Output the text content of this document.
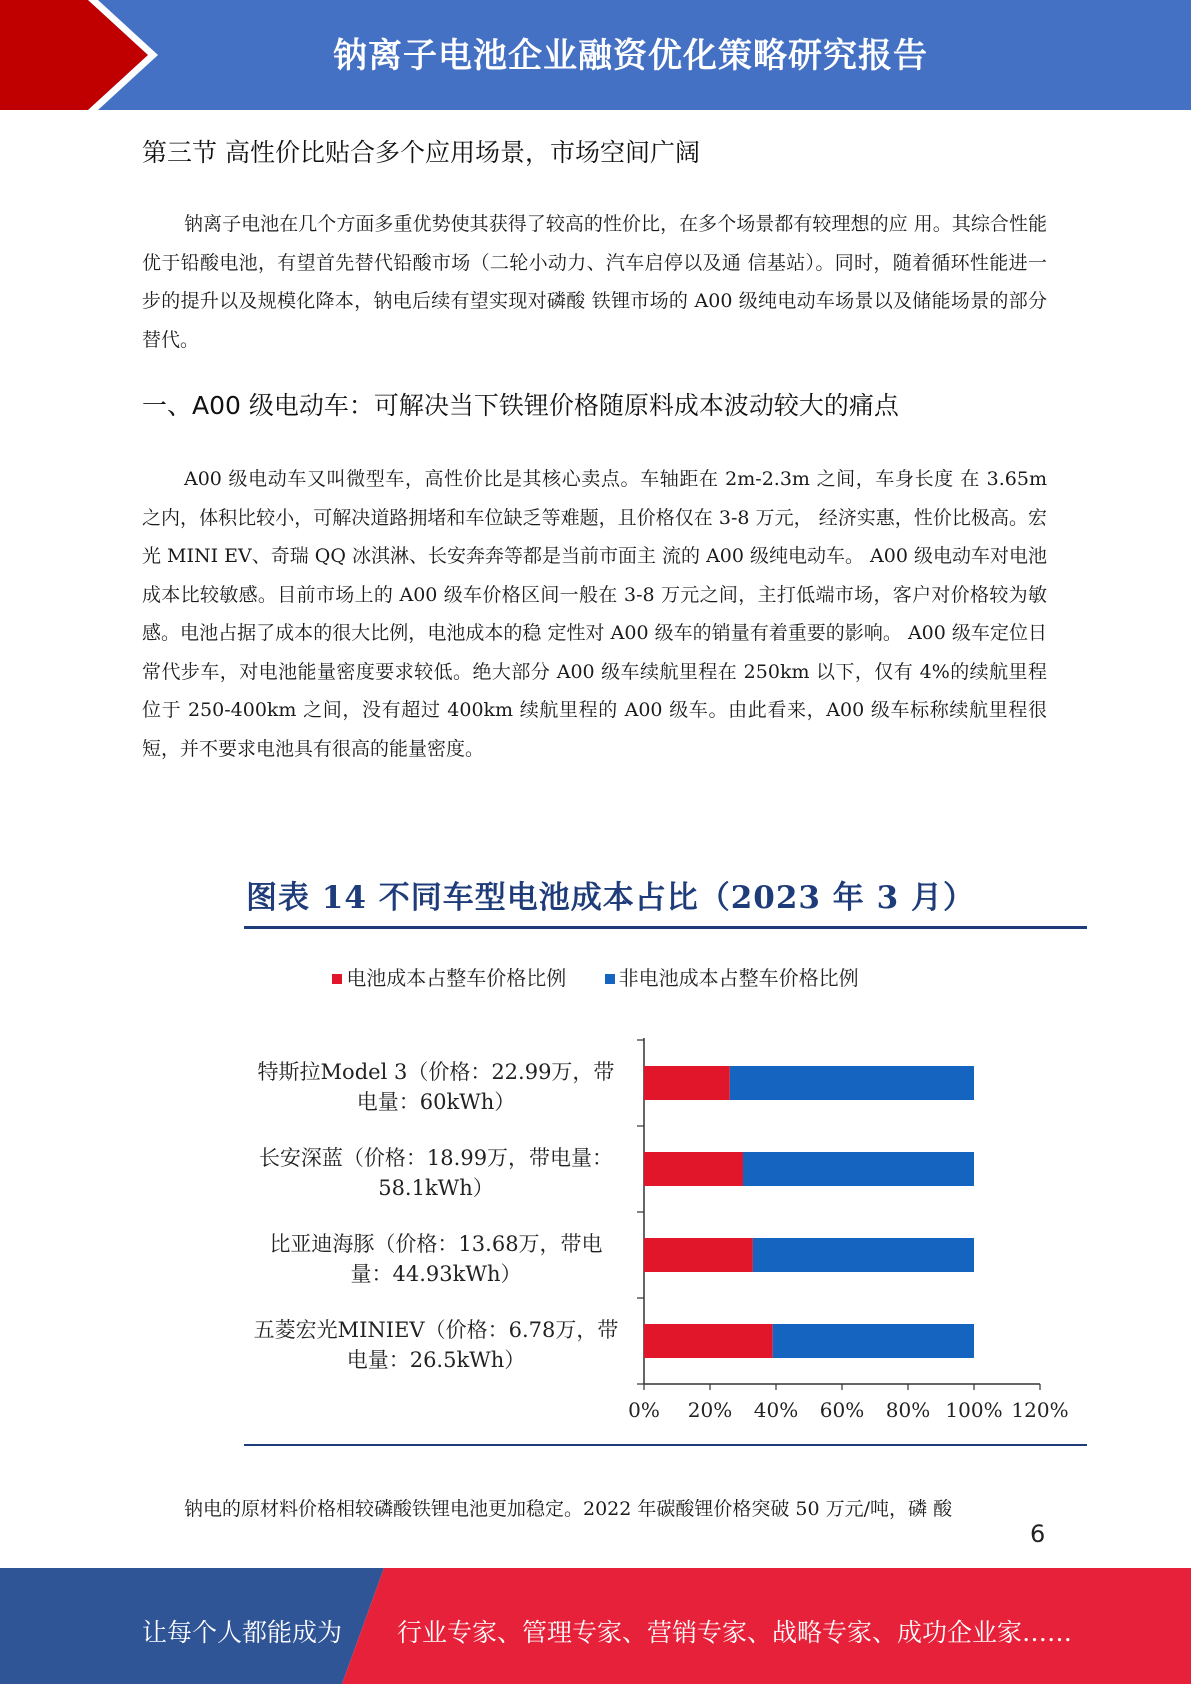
钠离子电池企业融资优化策略研究报告
第三节 高性价比贴合多个应用场景，市场空间广阔
钠离子电池在几个方面多重优势使其获得了较高的性价比，在多个场景都有较理想的应 用。其综合性能优于铅酸电池，有望首先替代铅酸市场（二轮小动力、汽车启停以及通 信基站）。同时，随着循环性能进一步的提升以及规模化降本，钠电后续有望实现对磷酸 铁锂市场的 A00 级纯电动车场景以及储能场景的部分替代。
一、A00 级电动车：可解决当下铁锂价格随原料成本波动较大的痛点
A00 级电动车又叫微型车，高性价比是其核心卖点。车轴距在 2m-2.3m 之间，车身长度 在 3.65m 之内，体积比较小，可解决道路拥堵和车位缺乏等难题，且价格仅在 3-8 万元， 经济实惠，性价比极高。宏光 MINI EV、奇瑞 QQ 冰淇淋、长安奔奔等都是当前市面主 流的 A00 级纯电动车。 A00 级电动车对电池成本比较敏感。目前市场上的 A00 级车价格区间一般在 3-8 万元之间，主打低端市场，客户对价格较为敏感。电池占据了成本的很大比例，电池成本的稳 定性对 A00 级车的销量有着重要的影响。 A00 级车定位日常代步车，对电池能量密度要求较低。绝大部分 A00 级车续航里程在 250km 以下，仅有 4%的续航里程位于 250-400km 之间，没有超过 400km 续航里程的 A00 级车。由此看来，A00 级车标称续航里程很短，并不要求电池具有很高的能量密度。
图表 14 不同车型电池成本占比（2023 年 3 月）
电池成本占整车价格比例	非电池成本占整车价格比例
特斯拉Model 3（价格：22.99万，带
电量：60kWh）
长安深蓝（价格：18.99万，带电量：
58.1kWh）
比亚迪海豚（价格：13.68万，带电
量：44.93kWh）
五菱宏光MINIEV（价格：6.78万，带
电量：26.5kWh）
0% 20% 40% 60% 80% 100% 120%
钠电的原材料价格相较磷酸铁锂电池更加稳定。2022 年碳酸锂价格突破 50 万元/吨，磷 酸
6
让每个人都能成为 行业专家、管理专家、营销专家、战略专家、成功企业家……
